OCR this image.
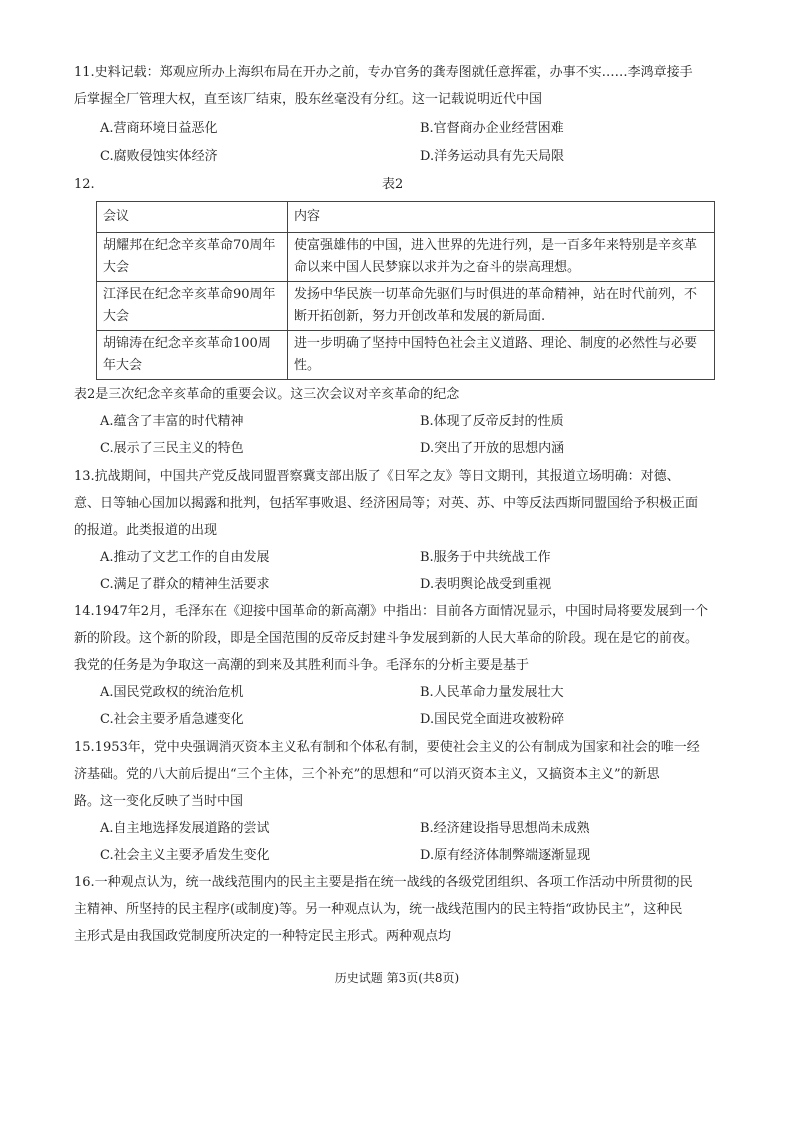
11.史料记载：郑观应所办上海织布局在开办之前，专办官务的龚寿图就任意挥霍，办事不实……李鸿章接手
后掌握全厂管理大权，直至该厂结束，股东丝毫没有分红。这一记载说明近代中国
A.营商环境日益恶化	B.官督商办企业经营困难
C.腐败侵蚀实体经济	D.洋务运动具有先天局限
12.	表2
会议	内容
胡耀邦在纪念辛亥革命70周年大会	使富强雄伟的中国，进入世界的先进行列，是一百多年来特别是辛亥革命以来中国人民梦寐以求并为之奋斗的崇高理想。
江泽民在纪念辛亥革命90周年大会	发扬中华民族一切革命先驱们与时俱进的革命精神，站在时代前列，不断开拓创新，努力开创改革和发展的新局面.
胡锦涛在纪念辛亥革命100周年大会	进一步明确了坚持中国特色社会主义道路、理论、制度的必然性与必要性。
表2是三次纪念辛亥革命的重要会议。这三次会议对辛亥革命的纪念
A.蕴含了丰富的时代精神	B.体现了反帝反封的性质
C.展示了三民主义的特色	D.突出了开放的思想内涵
13.抗战期间，中国共产党反战同盟晋察冀支部出版了《日军之友》等日文期刊，其报道立场明确：对德、
意、日等轴心国加以揭露和批判，包括军事败退、经济困局等；对英、苏、中等反法西斯同盟国给予积极正面
的报道。此类报道的出现
A.推动了文艺工作的自由发展	B.服务于中共统战工作
C.满足了群众的精神生活要求	D.表明舆论战受到重视
14.1947年2月，毛泽东在《迎接中国革命的新高潮》中指出：目前各方面情况显示，中国时局将要发展到一个
新的阶段。这个新的阶段，即是全国范围的反帝反封建斗争发展到新的人民大革命的阶段。现在是它的前夜。
我党的任务是为争取这一高潮的到来及其胜利而斗争。毛泽东的分析主要是基于
A.国民党政权的统治危机	B.人民革命力量发展壮大
C.社会主要矛盾急遽变化	D.国民党全面进攻被粉碎
15.1953年，党中央强调消灭资本主义私有制和个体私有制，要使社会主义的公有制成为国家和社会的唯一经
济基础。党的八大前后提出“三个主体，三个补充”的思想和“可以消灭资本主义，又搞资本主义”的新思
路。这一变化反映了当时中国
A.自主地选择发展道路的尝试	B.经济建设指导思想尚未成熟
C.社会主义主要矛盾发生变化	D.原有经济体制弊端逐渐显现
16.一种观点认为，统一战线范围内的民主主要是指在统一战线的各级党团组织、各项工作活动中所贯彻的民
主精神、所坚持的民主程序(或制度)等。另一种观点认为，统一战线范围内的民主特指“政协民主”，这种民
主形式是由我国政党制度所决定的一种特定民主形式。两种观点均
历史试题 第3页(共8页)
